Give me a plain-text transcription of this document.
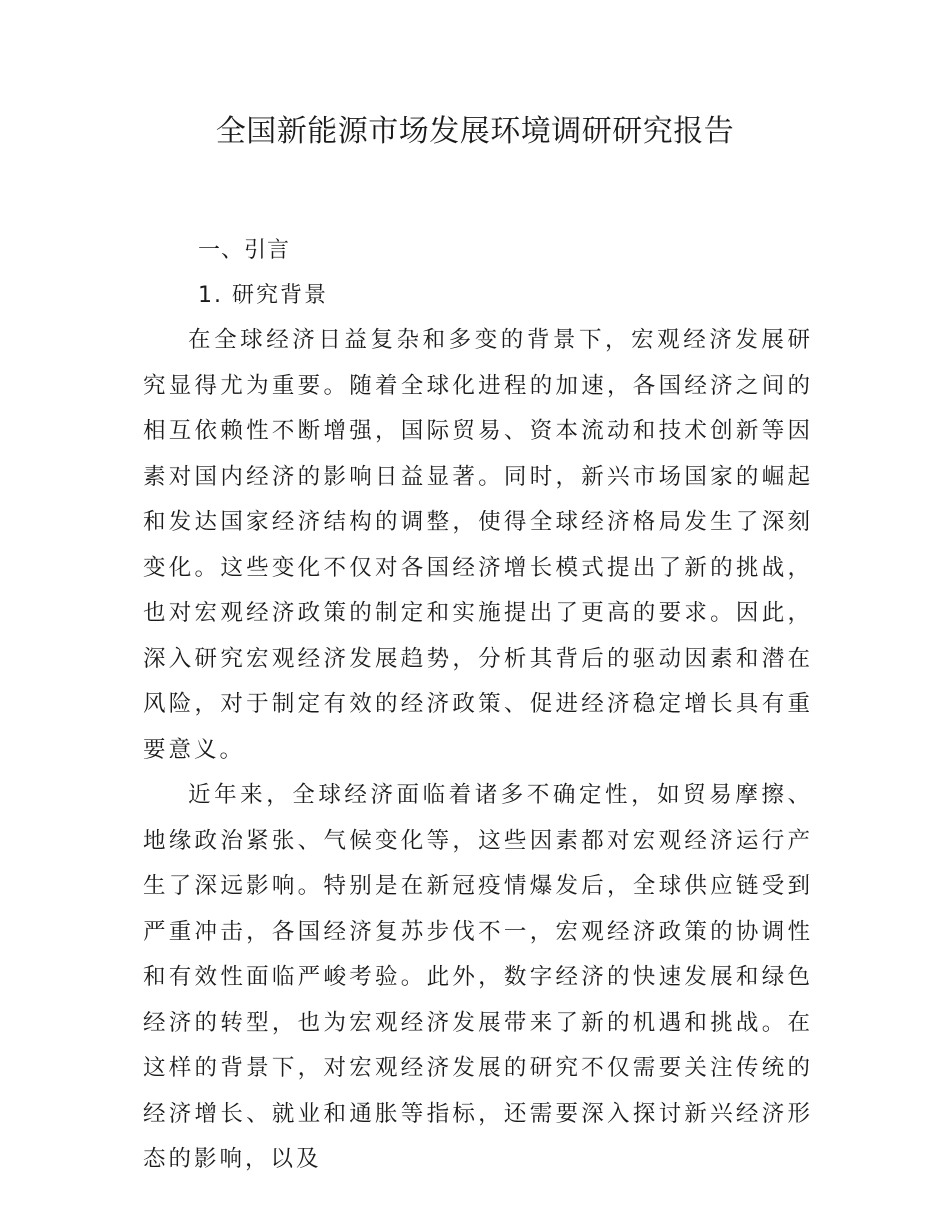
全国新能源市场发展环境调研研究报告
一、引言
1. 研究背景

在全球经济日益复杂和多变的背景下，宏观经济发展研究显得尤为重要。随着全球化进程的加速，各国经济之间的相互依赖性不断增强，国际贸易、资本流动和技术创新等因素对国内经济的影响日益显著。同时，新兴市场国家的崛起和发达国家经济结构的调整，使得全球经济格局发生了深刻变化。这些变化不仅对各国经济增长模式提出了新的挑战，也对宏观经济政策的制定和实施提出了更高的要求。因此，深入研究宏观经济发展趋势，分析其背后的驱动因素和潜在风险，对于制定有效的经济政策、促进经济稳定增长具有重要意义。

近年来，全球经济面临着诸多不确定性，如贸易摩擦、地缘政治紧张、气候变化等，这些因素都对宏观经济运行产生了深远影响。特别是在新冠疫情爆发后，全球供应链受到严重冲击，各国经济复苏步伐不一，宏观经济政策的协调性和有效性面临严峻考验。此外，数字经济的快速发展和绿色经济的转型，也为宏观经济发展带来了新的机遇和挑战。在这样的背景下，对宏观经济发展的研究不仅需要关注传统的经济增长、就业和通胀等指标，还需要深入探讨新兴经济形态的影响，以及
